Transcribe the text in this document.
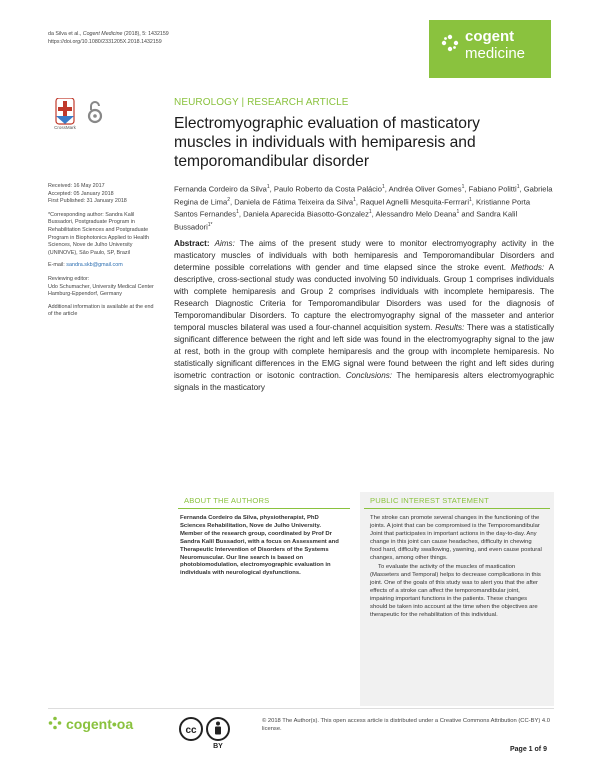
da Silva et al., Cogent Medicine (2018), 5: 1432159
https://doi.org/10.1080/2331205X.2018.1432159	cogent
medicine
CrossMark
NEUROLOGY | RESEARCH ARTICLE
Electromyographic evaluation of masticatory muscles in individuals with hemiparesis and temporomandibular disorder
Fernanda Cordeiro da Silva$^1$, Paulo Roberto da Costa Palácio$^1$, Andréa Oliver Gomes$^1$, Fabiano Politti$^1$, Gabriela Regina de Lima$^2$, Daniela de Fátima Teixeira da Silva$^1$, Raquel Agnelli Mesquita-Ferrrari$^1$, Kristianne Porta Santos Fernandes$^1$, Daniela Aparecida Biasotto-Gonzalez$^1$, Alessandro Melo Deana$^1$ and Sandra Kalil Bussadori$^{1*}$
Received: 16 May 2017
Accepted: 05 January 2018
First Published: 31 January 2018

*Corresponding author: Sandra Kalil Bussadori, Postgraduate Program in Rehabilitation Sciences and Postgraduate Program in Biophotonics Applied to Health Sciences, Nove de Julho University (UNINOVE), São Paulo, SP, Brazil

E-mail: sandra.skb@gmail.com

Reviewing editor:

Udo Schumacher, University Medical Center Hamburg-Eppendorf, Germany

Additional information is available at the end of the article

Abstract: Aims: The aims of the present study were to monitor electromyography activity in the masticatory muscles of individuals with both hemiparesis and Temporomandibular Disorders and determine possible correlations with gender and time elapsed since the stroke event. Methods: A descriptive, cross-sectional study was conducted involving 50 individuals. Group 1 comprises individuals with complete hemiparesis and Group 2 comprises individuals with incomplete hemiparesis. The Research Diagnostic Criteria for Temporomandibular Disorders was used for the diagnosis of Temporomandibular Disorders. To capture the electromyography signal of the masseter and anterior temporal muscles bilateral was used a four-channel acquisition system. Results: There was a statistically significant difference between the right and left side was found in the electromyography signal to the jaw at rest, both in the group with complete hemiparesis and the group with incomplete hemiparesis. No statistically significant differences in the EMG signal were found between the right and left sides during isometric contraction or isotonic contraction. Conclusions: The hemiparesis alters electromyographic signals in the masticatory
ABOUT THE AUTHORS
Fernanda Cordeiro da Silva, physiotherapist, PhD Sciences Rehabilitation, Nove de Julho University. Member of the research group, coordinated by Prof Dr Sandra Kalil Bussadori, with a focus on Assessment and Therapeutic Intervention of Disorders of the Systems Neuromuscular. Our line search is based on photobiomodulation, electromyographic evaluation in individuals with neurological dysfunctions.
PUBLIC INTEREST STATEMENT

The stroke can promote several changes in the functioning of the joints. A joint that can be compromised is the Temporomandibular Joint that participates in important actions in the day-to-day. Any change in this joint can cause headaches, difficulty in chewing food hard, difficulty swallowing, yawning, and even cause postural changes, among other things.

To evaluate the activity of the muscles of mastication (Masseters and Temporal) helps to decrease complications in this joint. One of the goals of this study was to alert you that the after effects of a stroke can affect the temporomandibular joint, impairing important functions in the patients. These changes should be taken into account at the time when the objectives are therapeutic for the rehabilitation of this individual.

cogent•oa	cc
BY
© 2018 The Author(s). This open access article is distributed under a Creative Commons Attribution (CC-BY) 4.0 license.
Page 1 of 9
